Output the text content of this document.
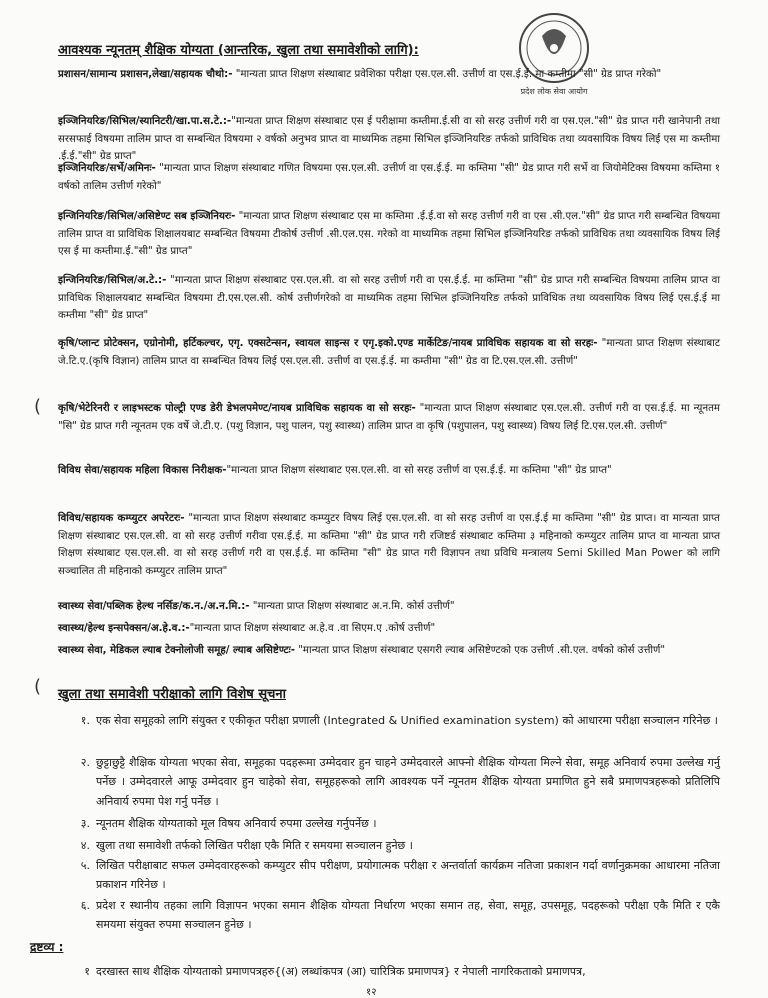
प्रदेश लोक सेवा आयोग
आवश्यक न्यूनतम् शैक्षिक योग्यता (आन्तरिक, खुला तथा समावेशीको लागि):
प्रशासन/सामान्य प्रशासन,लेखा/सहायक चौथो:- "मान्यता प्राप्त शिक्षण संस्थाबाट प्रवेशिका परीक्षा एस.एल.सी. उत्तीर्ण वा एस.ई.ई. मा कम्तीमा "सी" ग्रेड प्राप्त गरेको"
इञ्जिनियरिङ/सिभिल/स्यानिटरी/खा.पा.स.टे.:-"मान्यता प्राप्त शिक्षण संस्थाबाट एस ई परीक्षामा कम्तीमा.ई.सी वा सो सरह उत्तीर्ण गरी वा एस.एल."सी" ग्रेड प्राप्त गरी खानेपानी तथा सरसफाई विषयमा तालिम प्राप्त वा सम्बन्धित विषयमा २ वर्षको अनुभव प्राप्त वा माध्यमिक तहमा सिभिल इञ्जिनियरिङ तर्फको प्राविधिक तथा व्यवसायिक विषय लिई एस मा कम्तीमा .ई.ई."सी" ग्रेड प्राप्त"
इञ्जिनियरिङ/सर्भे/अमिनः- "मान्यता प्राप्त शिक्षण संस्थाबाट गणित विषयमा एस.एल.सी. उत्तीर्ण वा एस.ई.ई. मा कम्तिमा "सी" ग्रेड प्राप्त गरी सर्भे वा जियोमेटिक्स विषयमा कम्तिमा १ वर्षको तालिम उत्तीर्ण गरेको"
इन्जिनियरिङ/सिभिल/असिष्टेण्ट सब इञ्जिनियरः- "मान्यता प्राप्त शिक्षण संस्थाबाट एस मा कम्तिमा .ई.ई.वा सो सरह उत्तीर्ण गरी वा एस .सी.एल."सी" ग्रेड प्राप्त गरी सम्बन्धित विषयमा तालिम प्राप्त वा प्राविधिक शिक्षालयबाट सम्बन्धित विषयमा टीकोर्ष उत्तीर्ण .सी.एल.एस. गरेको वा माध्यमिक तहमा सिभिल इञ्जिनियरिङ तर्फको प्राविधिक तथा व्यवसायिक विषय लिई एस ई मा कम्तीमा.ई."सी" ग्रेड प्राप्त"
इन्जिनियरिङ/सिभिल/अ.टे.:- "मान्यता प्राप्त शिक्षण संस्थाबाट एस.एल.सी. वा सो सरह उत्तीर्ण गरी वा एस.ई.ई. मा कम्तिमा "सी" ग्रेड प्राप्त गरी सम्बन्धित विषयमा तालिम प्राप्त वा प्राविधिक शिक्षालयबाट सम्बन्धित विषयमा टी.एस.एल.सी. कोर्ष उत्तीर्णगरेको वा माध्यमिक तहमा सिभिल इञ्जिनियरिङ तर्फको प्राविधिक तथा व्यवसायिक विषय लिई एस.ई.ई मा कम्तीमा "सी" ग्रेड प्राप्त"
कृषि/प्लान्ट प्रोटेक्सन, एग्रोनोमी, हर्टिकल्चर, एगृ. एक्सटेन्सन, स्वायल साइन्स र एगृ.इको.एण्ड मार्केटिङ/नायब प्राविधिक सहायक वा सो सरहः- "मान्यता प्राप्त शिक्षण संस्थाबाट जे.टि.ए.(कृषि विज्ञान) तालिम प्राप्त वा सम्बन्धित विषय लिई एस.एल.सी. उत्तीर्ण वा एस.ई.ई. मा कम्तीमा "सी" ग्रेड वा टि.एस.एल.सी. उत्तीर्ण"
कृषि/भेटेरिनरी र लाइभस्टक पोल्ट्री एण्ड डेरी डेभलपमेण्ट/नायब प्राविधिक सहायक वा सो सरहः- "मान्यता प्राप्त शिक्षण संस्थाबाट एस.एल.सी. उत्तीर्ण गरी वा एस.ई.ई. मा न्यूनतम "सि" ग्रेड प्राप्त गरी न्यूनतम एक वर्षे जे.टी.ए. (पशु विज्ञान, पशु पालन, पशु स्वास्थ्य) तालिम प्राप्त वा कृषि (पशुपालन, पशु स्वास्थ्य) विषय लिई टि.एस.एल.सी. उत्तीर्ण"
विविध सेवा/सहायक महिला विकास निरीक्षक-"मान्यता प्राप्त शिक्षण संस्थाबाट एस.एल.सी. वा सो सरह उत्तीर्ण वा एस.ई.ई. मा कम्तिमा "सी" ग्रेड प्राप्त"
विविध/सहायक कम्प्युटर अपरेटरः- "मान्यता प्राप्त शिक्षण संस्थाबाट कम्प्युटर विषय लिई एस.एल.सी. वा सो सरह उत्तीर्ण वा एस.ई.ई मा कम्तिमा "सी" ग्रेड प्राप्त। वा मान्यता प्राप्त शिक्षण संस्थाबाट एस.एल.सी. वा सो सरह उत्तीर्ण गरीवा एस.ई.ई. मा कम्तिमा "सी" ग्रेड प्राप्त गरी रजिष्टर्ड संस्थाबाट कम्तिमा ३ महिनाको कम्प्युटर तालिम प्राप्त वा मान्यता प्राप्त शिक्षण संस्थाबाट एस.एल.सी. वा सो सरह उत्तीर्ण गरी वा एस.ई.ई. मा कम्तिमा "सी" ग्रेड प्राप्त गरी विज्ञापन तथा प्रविधि मन्त्रालय Semi Skilled Man Power को लागि सञ्चालित ती महिनाको कम्प्युटर तालिम प्राप्त"
स्वास्थ्य सेवा/पब्लिक हेल्थ नर्सिङ/क.न./अ.न.मि.:- "मान्यता प्राप्त शिक्षण संस्थाबाट अ.न.मि. कोर्स उत्तीर्ण"
स्वास्थ्य/हेल्थ इन्सपेक्सन/अ.हे.व.:-"मान्यता प्राप्त शिक्षण संस्थाबाट अ.हे.व .वा सिएम.ए .कोर्ष उत्तीर्ण"
स्वास्थ्य सेवा, मेडिकल ल्याब टेक्नोलोजी समूह/ ल्याब असिष्टेण्टः- "मान्यता प्राप्त शिक्षण संस्थाबाट एसगरी ल्याब असिष्टेण्टको एक उत्तीर्ण .सी.एल. वर्षको कोर्स उत्तीर्ण"
(
( खुला तथा समावेशी परीक्षाको लागि विशेष सूचना
१. एक सेवा समूहको लागि संयुक्त र एकीकृत परीक्षा प्रणाली (Integrated & Unified examination system) को आधारमा परीक्षा सञ्चालन गरिनेछ ।
२. छुट्टाछुट्टै शैक्षिक योग्यता भएका सेवा, समूहका पदहरूमा उम्मेदवार हुन चाहने उम्मेदवारले आफ्नो शैक्षिक योग्यता मिल्ने सेवा, समूह अनिवार्य रुपमा उल्लेख गर्नु पर्नेछ । उम्मेदवारले आफू उम्मेदवार हुन चाहेको सेवा, समूहहरूको लागि आवश्यक पर्ने न्यूनतम शैक्षिक योग्यता प्रमाणित हुने सबै प्रमाणपत्रहरूको प्रतिलिपि अनिवार्य रुपमा पेश गर्नु पर्नेछ ।
३. न्यूनतम शैक्षिक योग्यताको मूल विषय अनिवार्य रुपमा उल्लेख गर्नुपर्नेछ ।
४. खुला तथा समावेशी तर्फको लिखित परीक्षा एकै मिति र समयमा सञ्चालन हुनेछ ।
५. लिखित परीक्षाबाट सफल उम्मेदवारहरूको कम्प्युटर सीप परीक्षण, प्रयोगात्मक परीक्षा र अन्तर्वार्ता कार्यक्रम नतिजा प्रकाशन गर्दा वर्णानुक्रमका आधारमा नतिजा प्रकाशन गरिनेछ ।
६. प्रदेश र स्थानीय तहका लागि विज्ञापन भएका समान शैक्षिक योग्यता निर्धारण भएका समान तह, सेवा, समूह, उपसमूह, पदहरूको परीक्षा एकै मिति र एकै समयमा संयुक्त रुपमा सञ्चालन हुनेछ ।
द्रष्टव्य :
१ दरखास्त साथ शैक्षिक योग्यताको प्रमाणपत्रहरु{(अ) लब्धांकपत्र (आ) चारित्रिक प्रमाणपत्र} र नेपाली नागरिकताको प्रमाणपत्र,
१२
